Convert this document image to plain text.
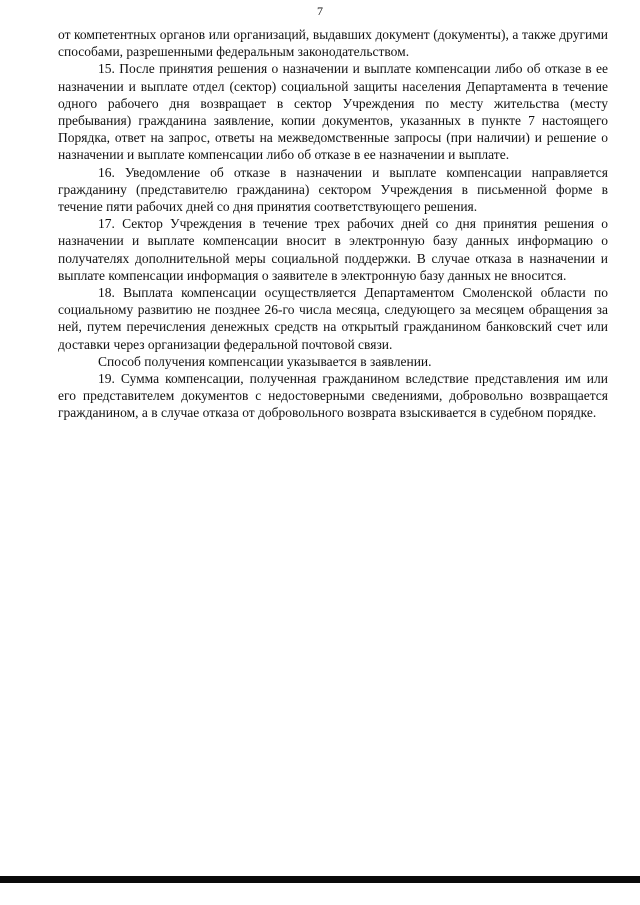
7

от компетентных органов или организаций, выдавших документ (документы), а также другими способами, разрешенными федеральным законодательством.

15. После принятия решения о назначении и выплате компенсации либо об отказе в ее назначении и выплате отдел (сектор) социальной защиты населения Департамента в течение одного рабочего дня возвращает в сектор Учреждения по месту жительства (месту пребывания) гражданина заявление, копии документов, указанных в пункте 7 настоящего Порядка, ответ на запрос, ответы на межведомственные запросы (при наличии) и решение о назначении и выплате компенсации либо об отказе в ее назначении и выплате.

16. Уведомление об отказе в назначении и выплате компенсации направляется гражданину (представителю гражданина) сектором Учреждения в письменной форме в течение пяти рабочих дней со дня принятия соответствующего решения.

17. Сектор Учреждения в течение трех рабочих дней со дня принятия решения о назначении и выплате компенсации вносит в электронную базу данных информацию о получателях дополнительной меры социальной поддержки. В случае отказа в назначении и выплате компенсации информация о заявителе в электронную базу данных не вносится.

18. Выплата компенсации осуществляется Департаментом Смоленской области по социальному развитию не позднее 26-го числа месяца, следующего за месяцем обращения за ней, путем перечисления денежных средств на открытый гражданином банковский счет или доставки через организации федеральной почтовой связи.

Способ получения компенсации указывается в заявлении.

19. Сумма компенсации, полученная гражданином вследствие представления им или его представителем документов с недостоверными сведениями, добровольно возвращается гражданином, а в случае отказа от добровольного возврата взыскивается в судебном порядке.
